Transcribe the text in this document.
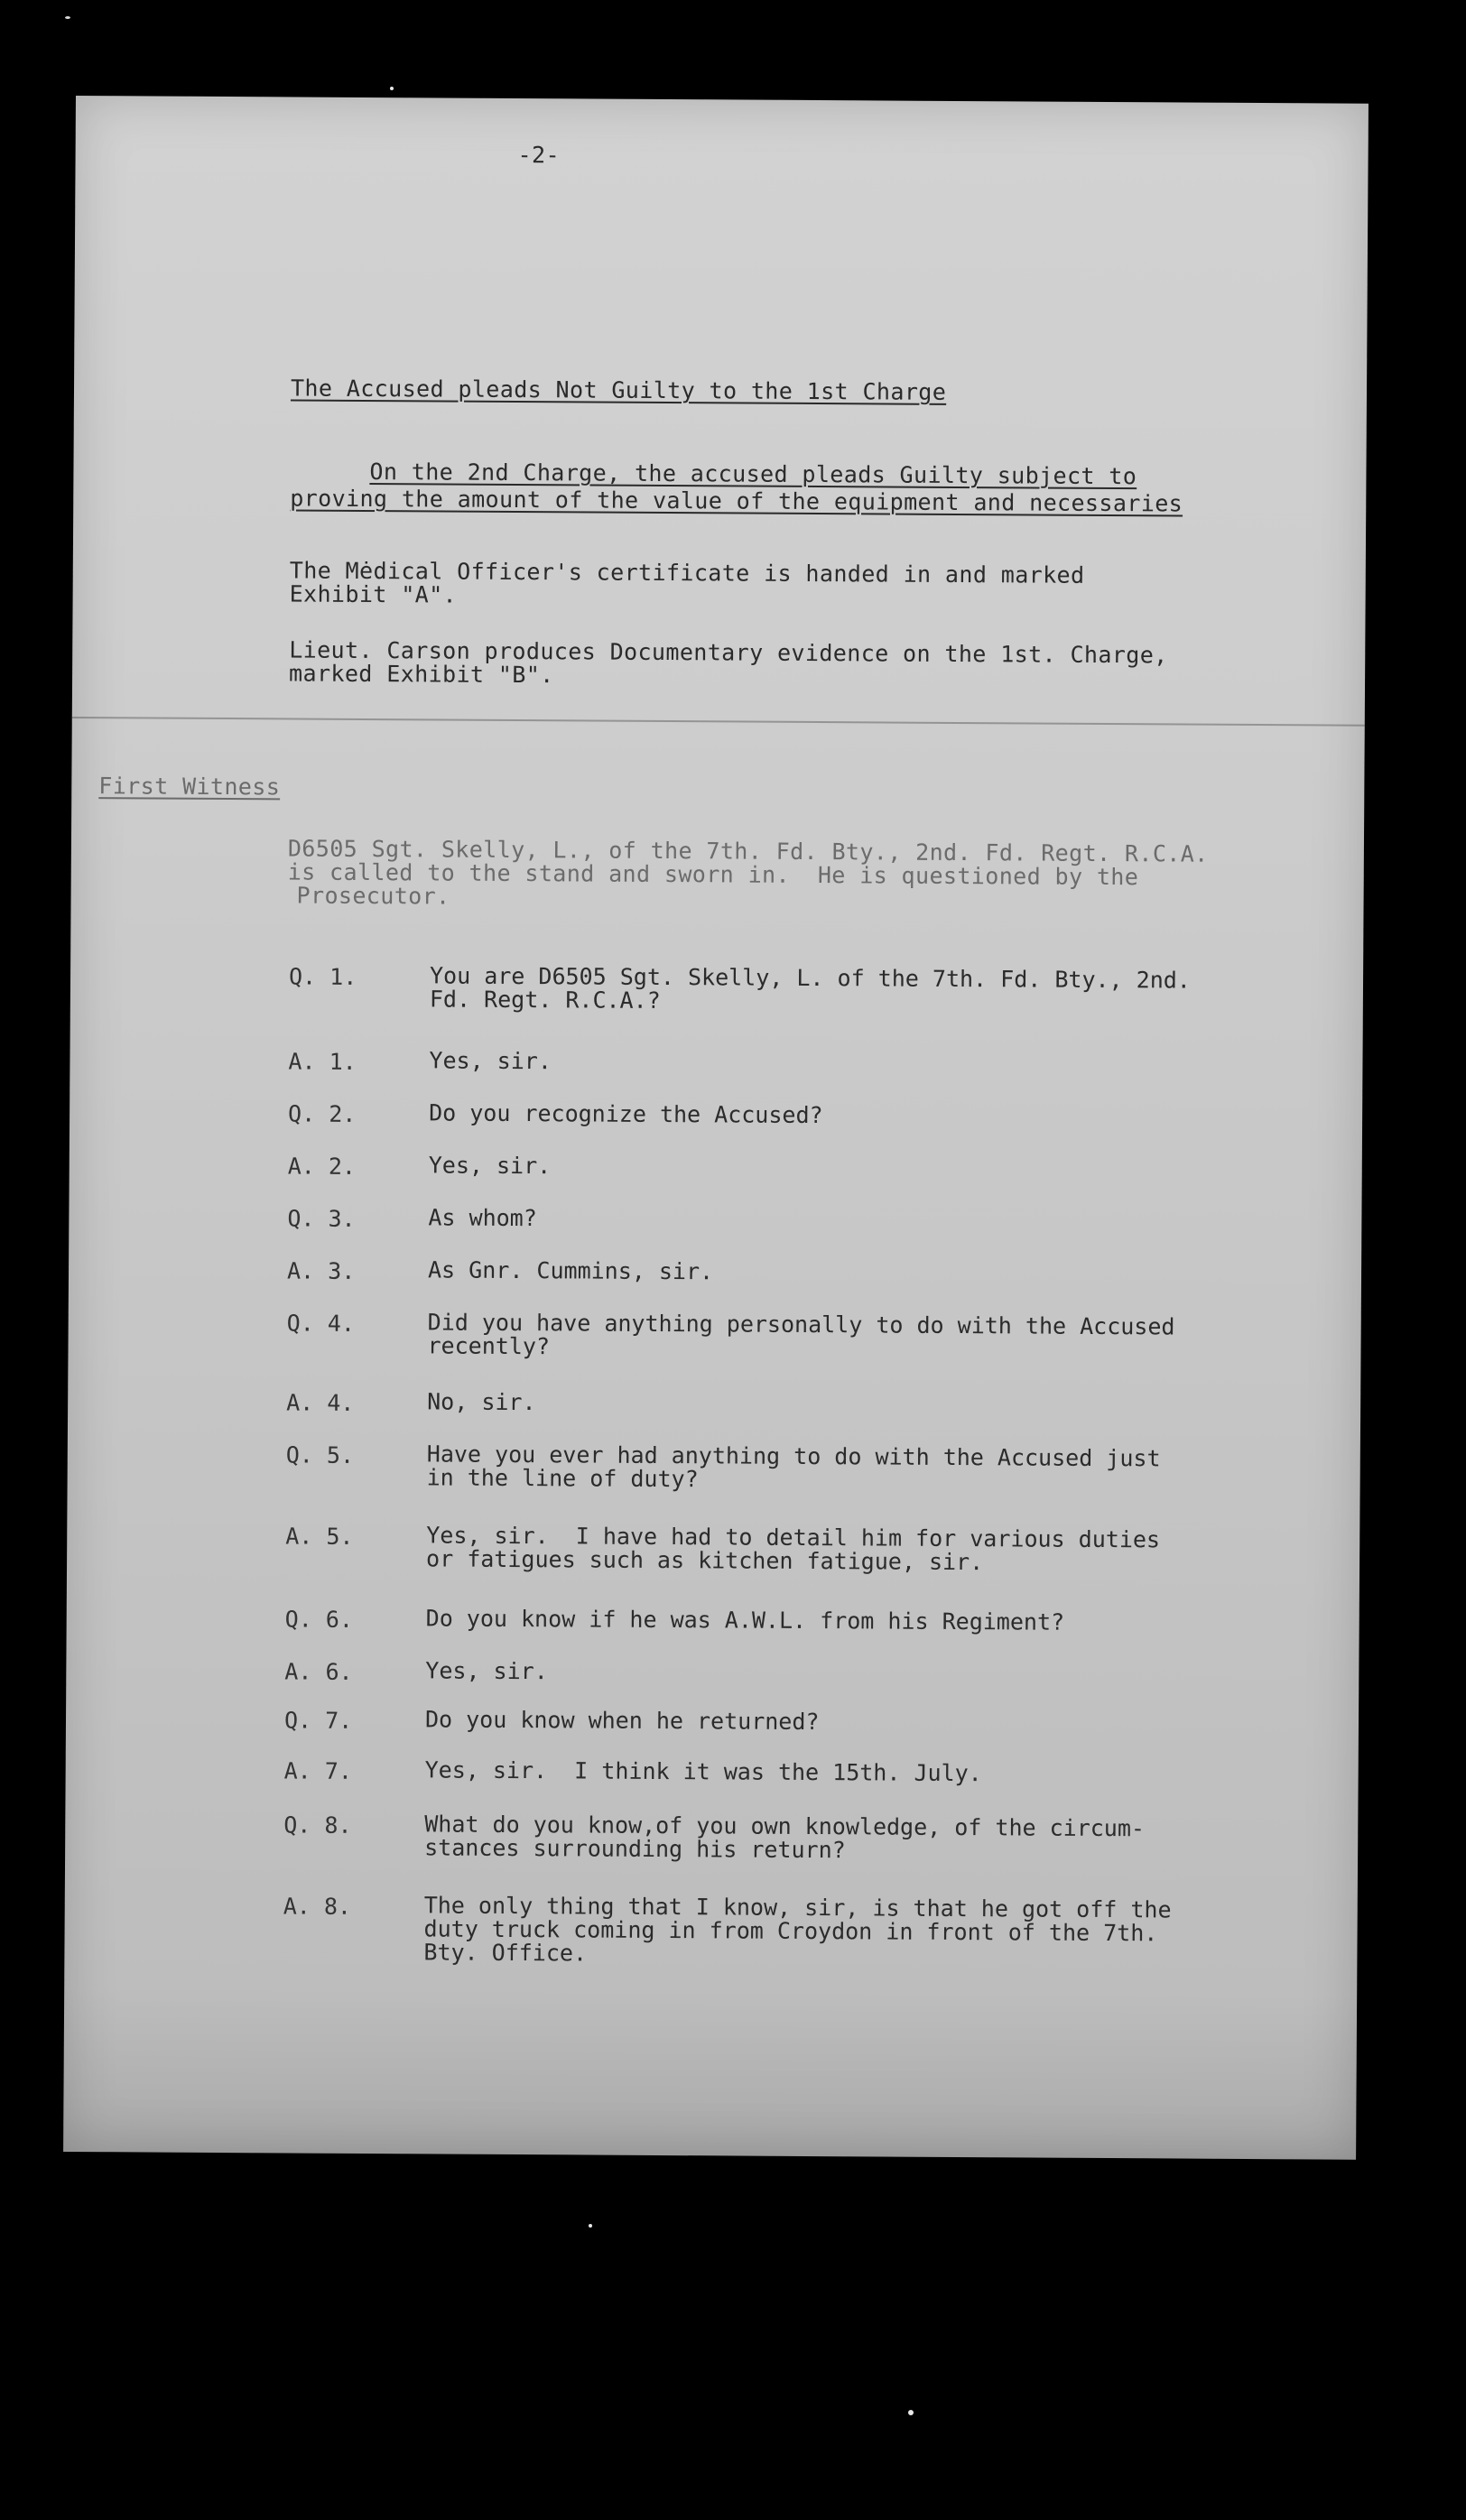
-2-
The Accused pleads Not Guilty to the 1st Charge
On the 2nd Charge, the accused pleads Guilty subject to
proving the amount of the value of the equipment and necessaries
The Mėdical Officer's certificate is handed in and marked
Exhibit "A".
Lieut. Carson produces Documentary evidence on the 1st. Charge,
marked Exhibit "B".
First Witness
D6505 Sgt. Skelly, L., of the 7th. Fd. Bty., 2nd. Fd. Regt. R.C.A.
is called to the stand and sworn in.  He is questioned by the
Prosecutor.
Q. 1.	You are D6505 Sgt. Skelly, L. of the 7th. Fd. Bty., 2nd.
Fd. Regt. R.C.A.?
A. 1.	Yes, sir.
Q. 2.	Do you recognize the Accused?
A. 2.	Yes, sir.
Q. 3.	As whom?
A. 3.	As Gnr. Cummins, sir.
Q. 4.	Did you have anything personally to do with the Accused
recently?
A. 4.	No, sir.
Q. 5.	Have you ever had anything to do with the Accused just
in the line of duty?
A. 5.	Yes, sir.  I have had to detail him for various duties
or fatigues such as kitchen fatigue, sir.
Q. 6.	Do you know if he was A.W.L. from his Regiment?
A. 6.	Yes, sir.
Q. 7.	Do you know when he returned?
A. 7.	Yes, sir.  I think it was the 15th. July.
Q. 8.	What do you know,of you own knowledge, of the circum-
stances surrounding his return?
A. 8.	The only thing that I know, sir, is that he got off the
duty truck coming in from Croydon in front of the 7th.
Bty. Office.
